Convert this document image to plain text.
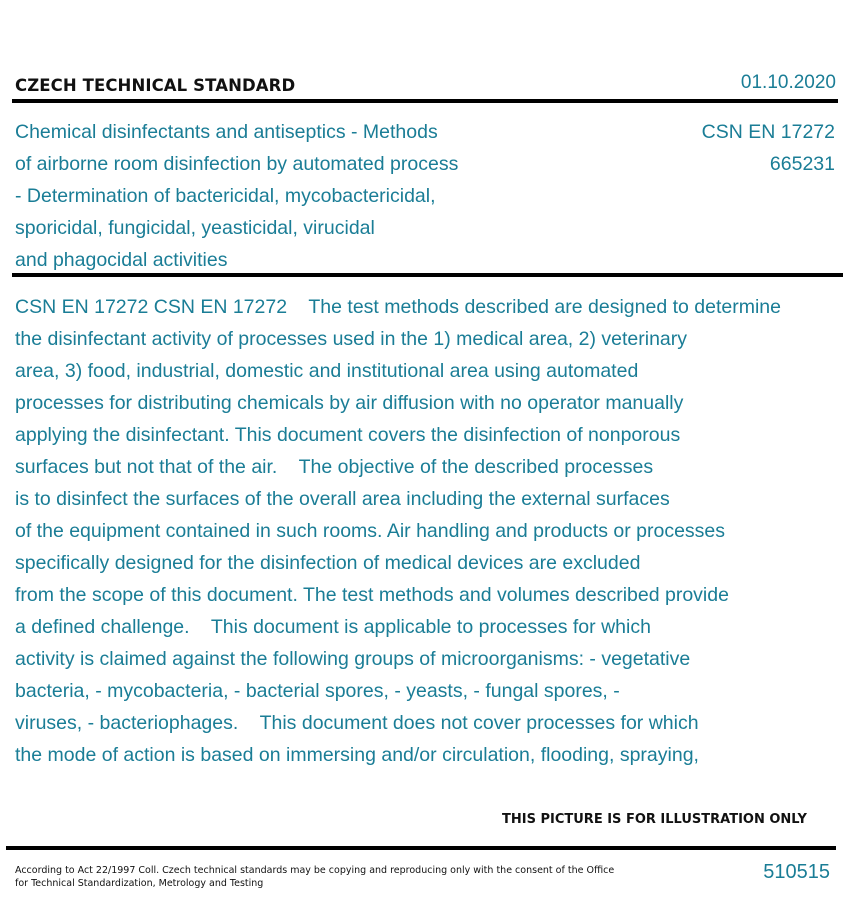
CZECH TECHNICAL STANDARD	01.10.2020
Chemical disinfectants and antiseptics - Methods
of airborne room disinfection by automated process
- Determination of bactericidal, mycobactericidal,
sporicidal, fungicidal, yeasticidal, virucidal
and phagocidal activities
CSN EN 17272
665231
CSN EN 17272 CSN EN 17272    The test methods described are designed to determine
the disinfectant activity of processes used in the 1) medical area, 2) veterinary
area, 3) food, industrial, domestic and institutional area using automated
processes for distributing chemicals by air diffusion with no operator manually
applying the disinfectant. This document covers the disinfection of nonporous
surfaces but not that of the air.    The objective of the described processes
is to disinfect the surfaces of the overall area including the external surfaces
of the equipment contained in such rooms. Air handling and products or processes
specifically designed for the disinfection of medical devices are excluded
from the scope of this document. The test methods and volumes described provide
a defined challenge.    This document is applicable to processes for which
activity is claimed against the following groups of microorganisms: - vegetative
bacteria, - mycobacteria, - bacterial spores, - yeasts, - fungal spores, -
viruses, - bacteriophages.    This document does not cover processes for which
the mode of action is based on immersing and/or circulation, flooding, spraying,
THIS PICTURE IS FOR ILLUSTRATION ONLY
According to Act 22/1997 Coll. Czech technical standards may be copying and reproducing only with the consent of the Office
for Technical Standardization, Metrology and Testing
510515
